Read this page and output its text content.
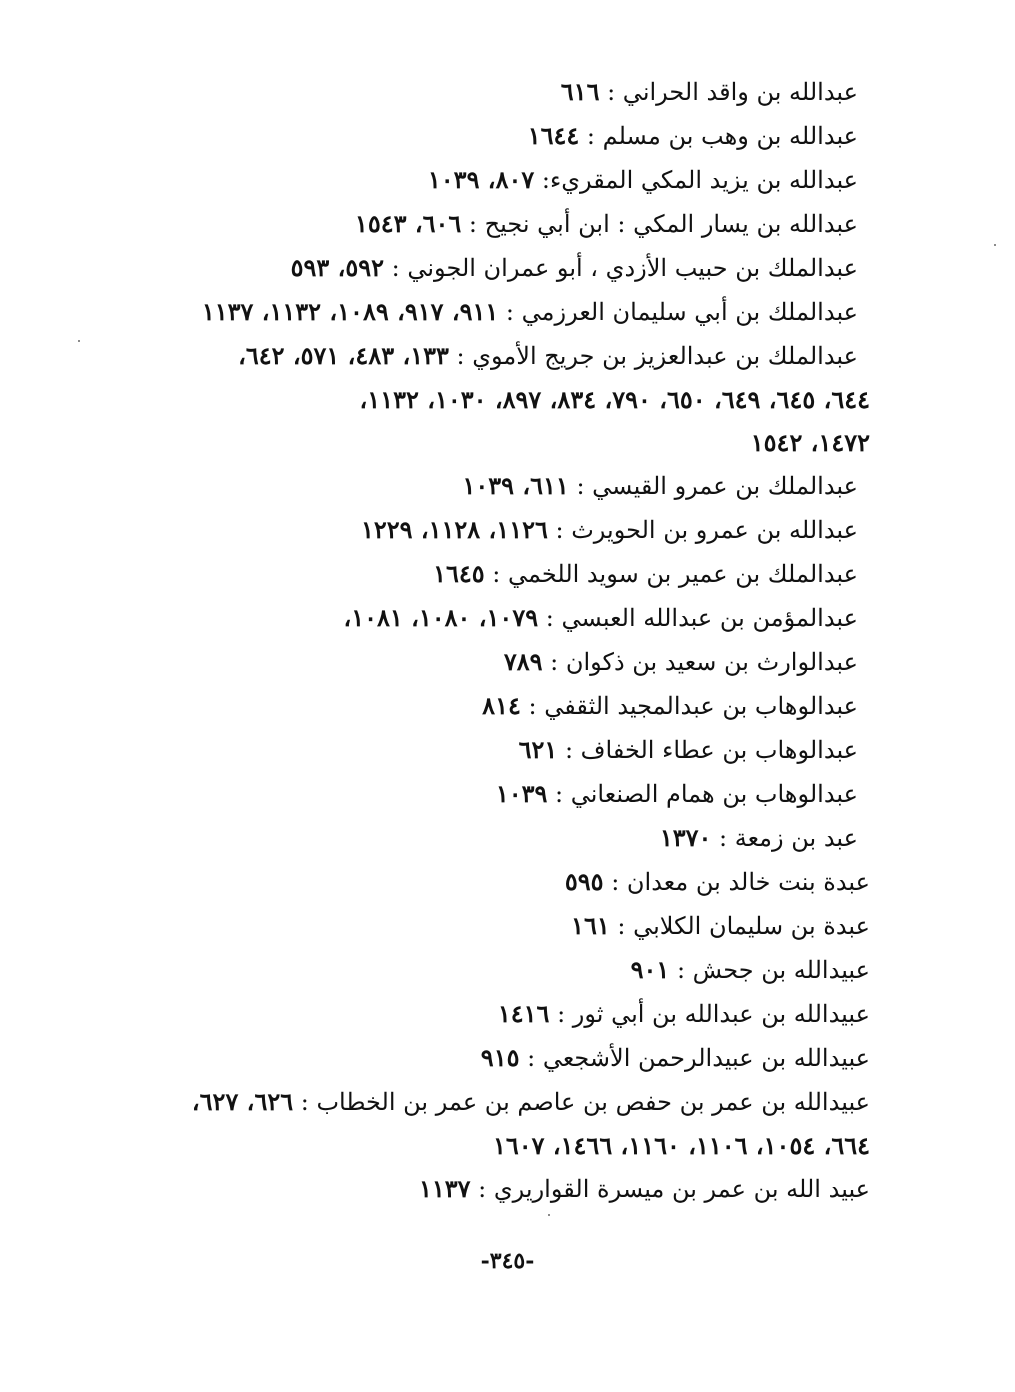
عبدالله بن واقد الحراني : ٦١٦
عبدالله بن وهب بن مسلم : ١٦٤٤
عبدالله بن يزيد المكي المقريء: ٨٠٧، ١٠٣٩
عبدالله بن يسار المكي : ابن أبي نجيح : ٦٠٦، ١٥٤٣
عبدالملك بن حبيب الأزدي ، أبو عمران الجوني : ٥٩٢، ٥٩٣
عبدالملك بن أبي سليمان العرزمي : ٩١١، ٩١٧، ١٠٨٩، ١١٣٢، ١١٣٧
عبدالملك بن عبدالعزيز بن جريج الأموي : ١٣٣، ٤٨٣، ٥٧١، ٦٤٢،
٦٤٤، ٦٤٥، ٦٤٩، ٦٥٠، ٧٩٠، ٨٣٤، ٨٩٧، ١٠٣٠، ١١٣٢،
١٤٧٢، ١٥٤٢
عبدالملك بن عمرو القيسي : ٦١١، ١٠٣٩
عبدالله بن عمرو بن الحويرث : ١١٢٦، ١١٢٨، ١٢٢٩
عبدالملك بن عمير بن سويد اللخمي : ١٦٤٥
عبدالمؤمن بن عبدالله العبسي : ١٠٧٩، ١٠٨٠، ١٠٨١،
عبدالوارث بن سعيد بن ذكوان : ٧٨٩
عبدالوهاب بن عبدالمجيد الثقفي : ٨١٤
عبدالوهاب بن عطاء الخفاف : ٦٢١
عبدالوهاب بن همام الصنعاني : ١٠٣٩
عبد بن زمعة : ١٣٧٠
عبدة بنت خالد بن معدان : ٥٩٥
عبدة بن سليمان الكلابي : ١٦١
عبيدالله بن جحش : ٩٠١
عبيدالله بن عبدالله بن أبي ثور : ١٤١٦
عبيدالله بن عبيدالرحمن الأشجعي : ٩١٥
عبيدالله بن عمر بن حفص بن عاصم بن عمر بن الخطاب : ٦٢٦، ٦٢٧،
٦٦٤، ١٠٥٤، ١١٠٦، ١١٦٠، ١٤٦٦، ١٦٠٧
عبيد الله بن عمر بن ميسرة القواريري : ١١٣٧
-٣٤٥-
